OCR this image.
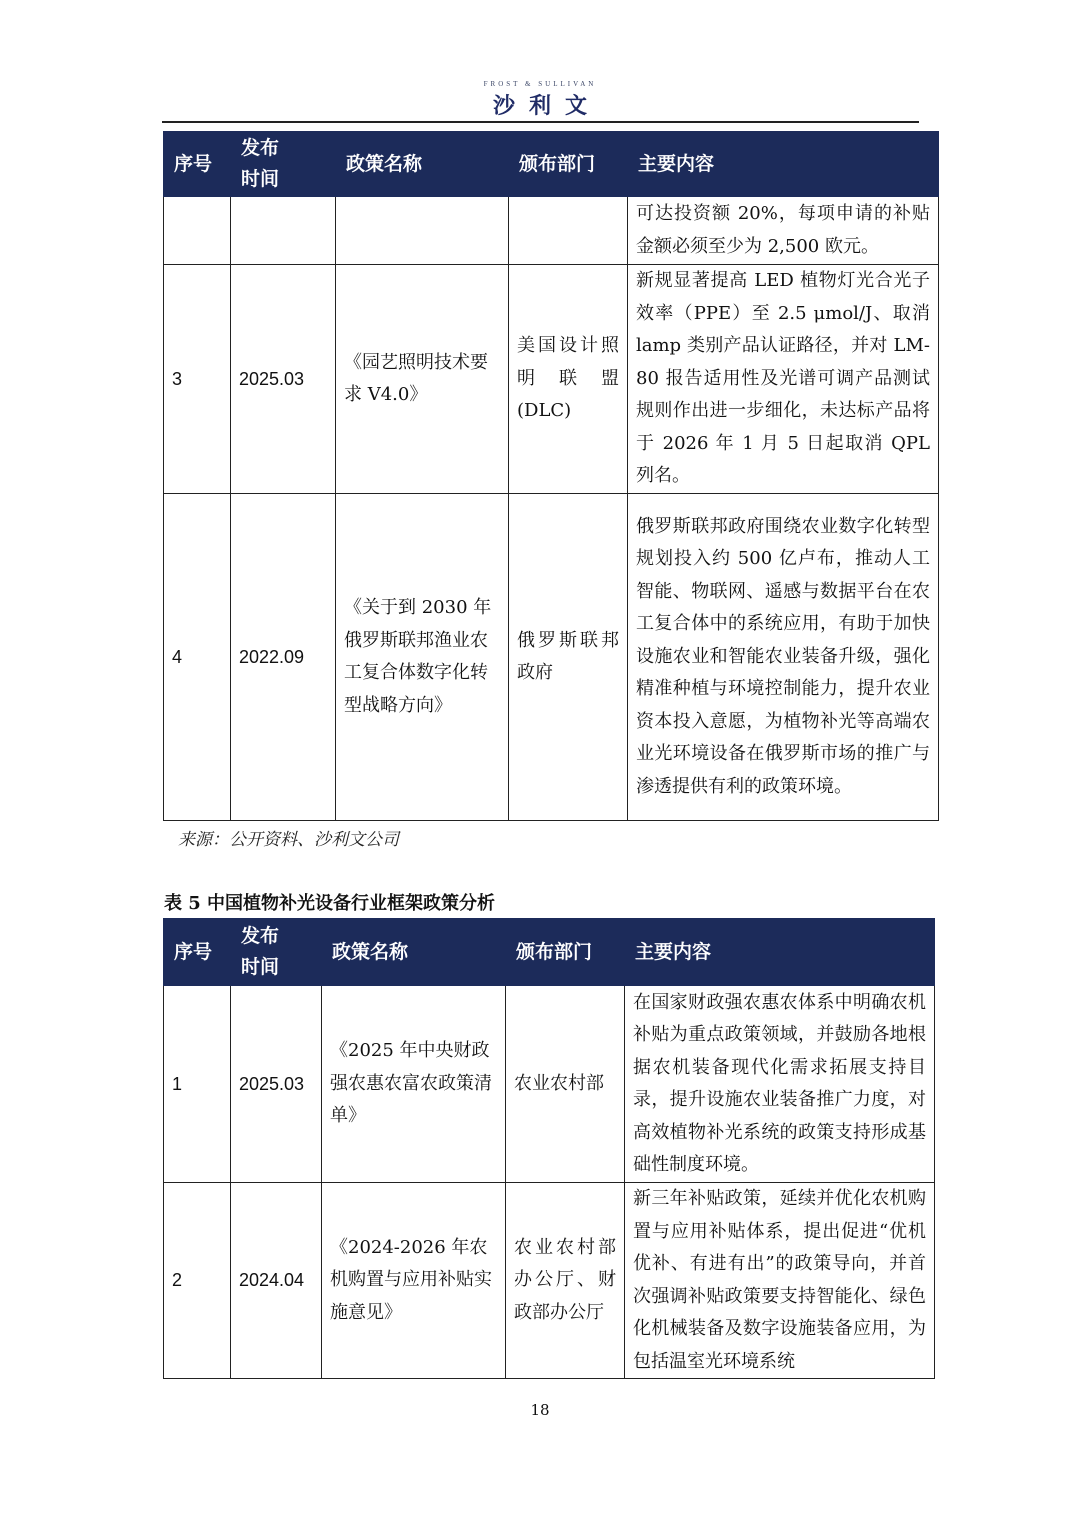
FROST & SULLIVAN
沙利文
序号	发布
时间	政策名称	颁布部门	主要内容
				可达投资额 20%，每项申请的补贴金额必须至少为 2,500 欧元。
3	2025.03	《园艺照明技术要求 V4.0》	美国设计照明联盟 (DLC)	新规显著提高 LED 植物灯光合光子效率（PPE）至 2.5 μmol/J、取消 lamp 类别产品认证路径，并对 LM-80 报告适用性及光谱可调产品测试规则作出进一步细化，未达标产品将于 2026 年 1 月 5 日起取消 QPL 列名。
4	2022.09	《关于到 2030 年俄罗斯联邦渔业农工复合体数字化转型战略方向》	俄罗斯联邦政府	俄罗斯联邦政府围绕农业数字化转型规划投入约 500 亿卢布，推动人工智能、物联网、遥感与数据平台在农工复合体中的系统应用，有助于加快设施农业和智能农业装备升级，强化精准种植与环境控制能力，提升农业资本投入意愿，为植物补光等高端农业光环境设备在俄罗斯市场的推广与渗透提供有利的政策环境。
来源：公开资料、沙利文公司
表 5 中国植物补光设备行业框架政策分析
序号	发布
时间	政策名称	颁布部门	主要内容
1	2025.03	《2025 年中央财政强农惠农富农政策清单》	农业农村部	在国家财政强农惠农体系中明确农机补贴为重点政策领域，并鼓励各地根据农机装备现代化需求拓展支持目录，提升设施农业装备推广力度，对高效植物补光系统的政策支持形成基础性制度环境。
2	2024.04	《2024-2026 年农机购置与应用补贴实施意见》	农业农村部办公厅、财政部办公厅	新三年补贴政策，延续并优化农机购置与应用补贴体系，提出促进“优机优补、有进有出”的政策导向，并首次强调补贴政策要支持智能化、绿色化机械装备及数字设施装备应用，为包括温室光环境系统
18
